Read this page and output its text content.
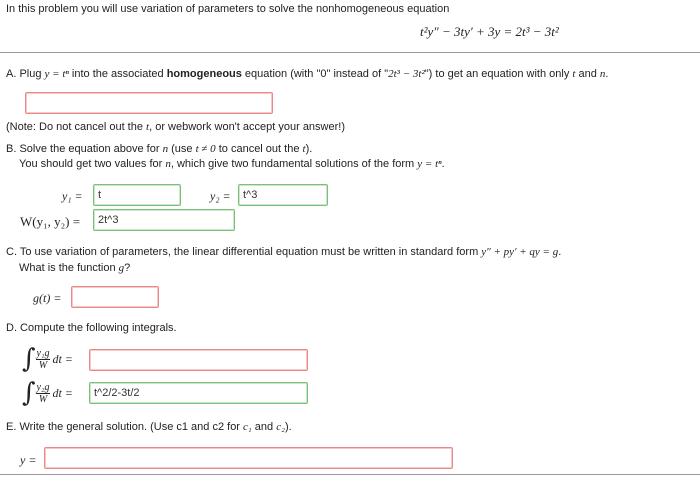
In this problem you will use variation of parameters to solve the nonhomogeneous equation
t²y″ − 3ty′ + 3y = 2t³ − 3t²
A. Plug y = tⁿ into the associated homogeneous equation (with "0" instead of "2t³ − 3t²") to get an equation with only t and n.
(Note: Do not cancel out the t, or webwork won't accept your answer!)
B. Solve the equation above for n (use t ≠ 0 to cancel out the t).
You should get two values for n, which give two fundamental solutions of the form y = tⁿ.
y₁ =
t	y₂ =
t^3
W(y₁, y₂) =
2t^3
C. To use variation of parameters, the linear differential equation must be written in standard form y″ + py′ + qy = g.
What is the function g?
g(t) =
D. Compute the following integrals.
∫ $\frac{\text{y₁g}}{W}$ dt =
∫ $\frac{\text{y₂g}}{W}$ dt =
t^2/2-3t/2
E. Write the general solution. (Use c1 and c2 for c₁ and c₂).
y =
